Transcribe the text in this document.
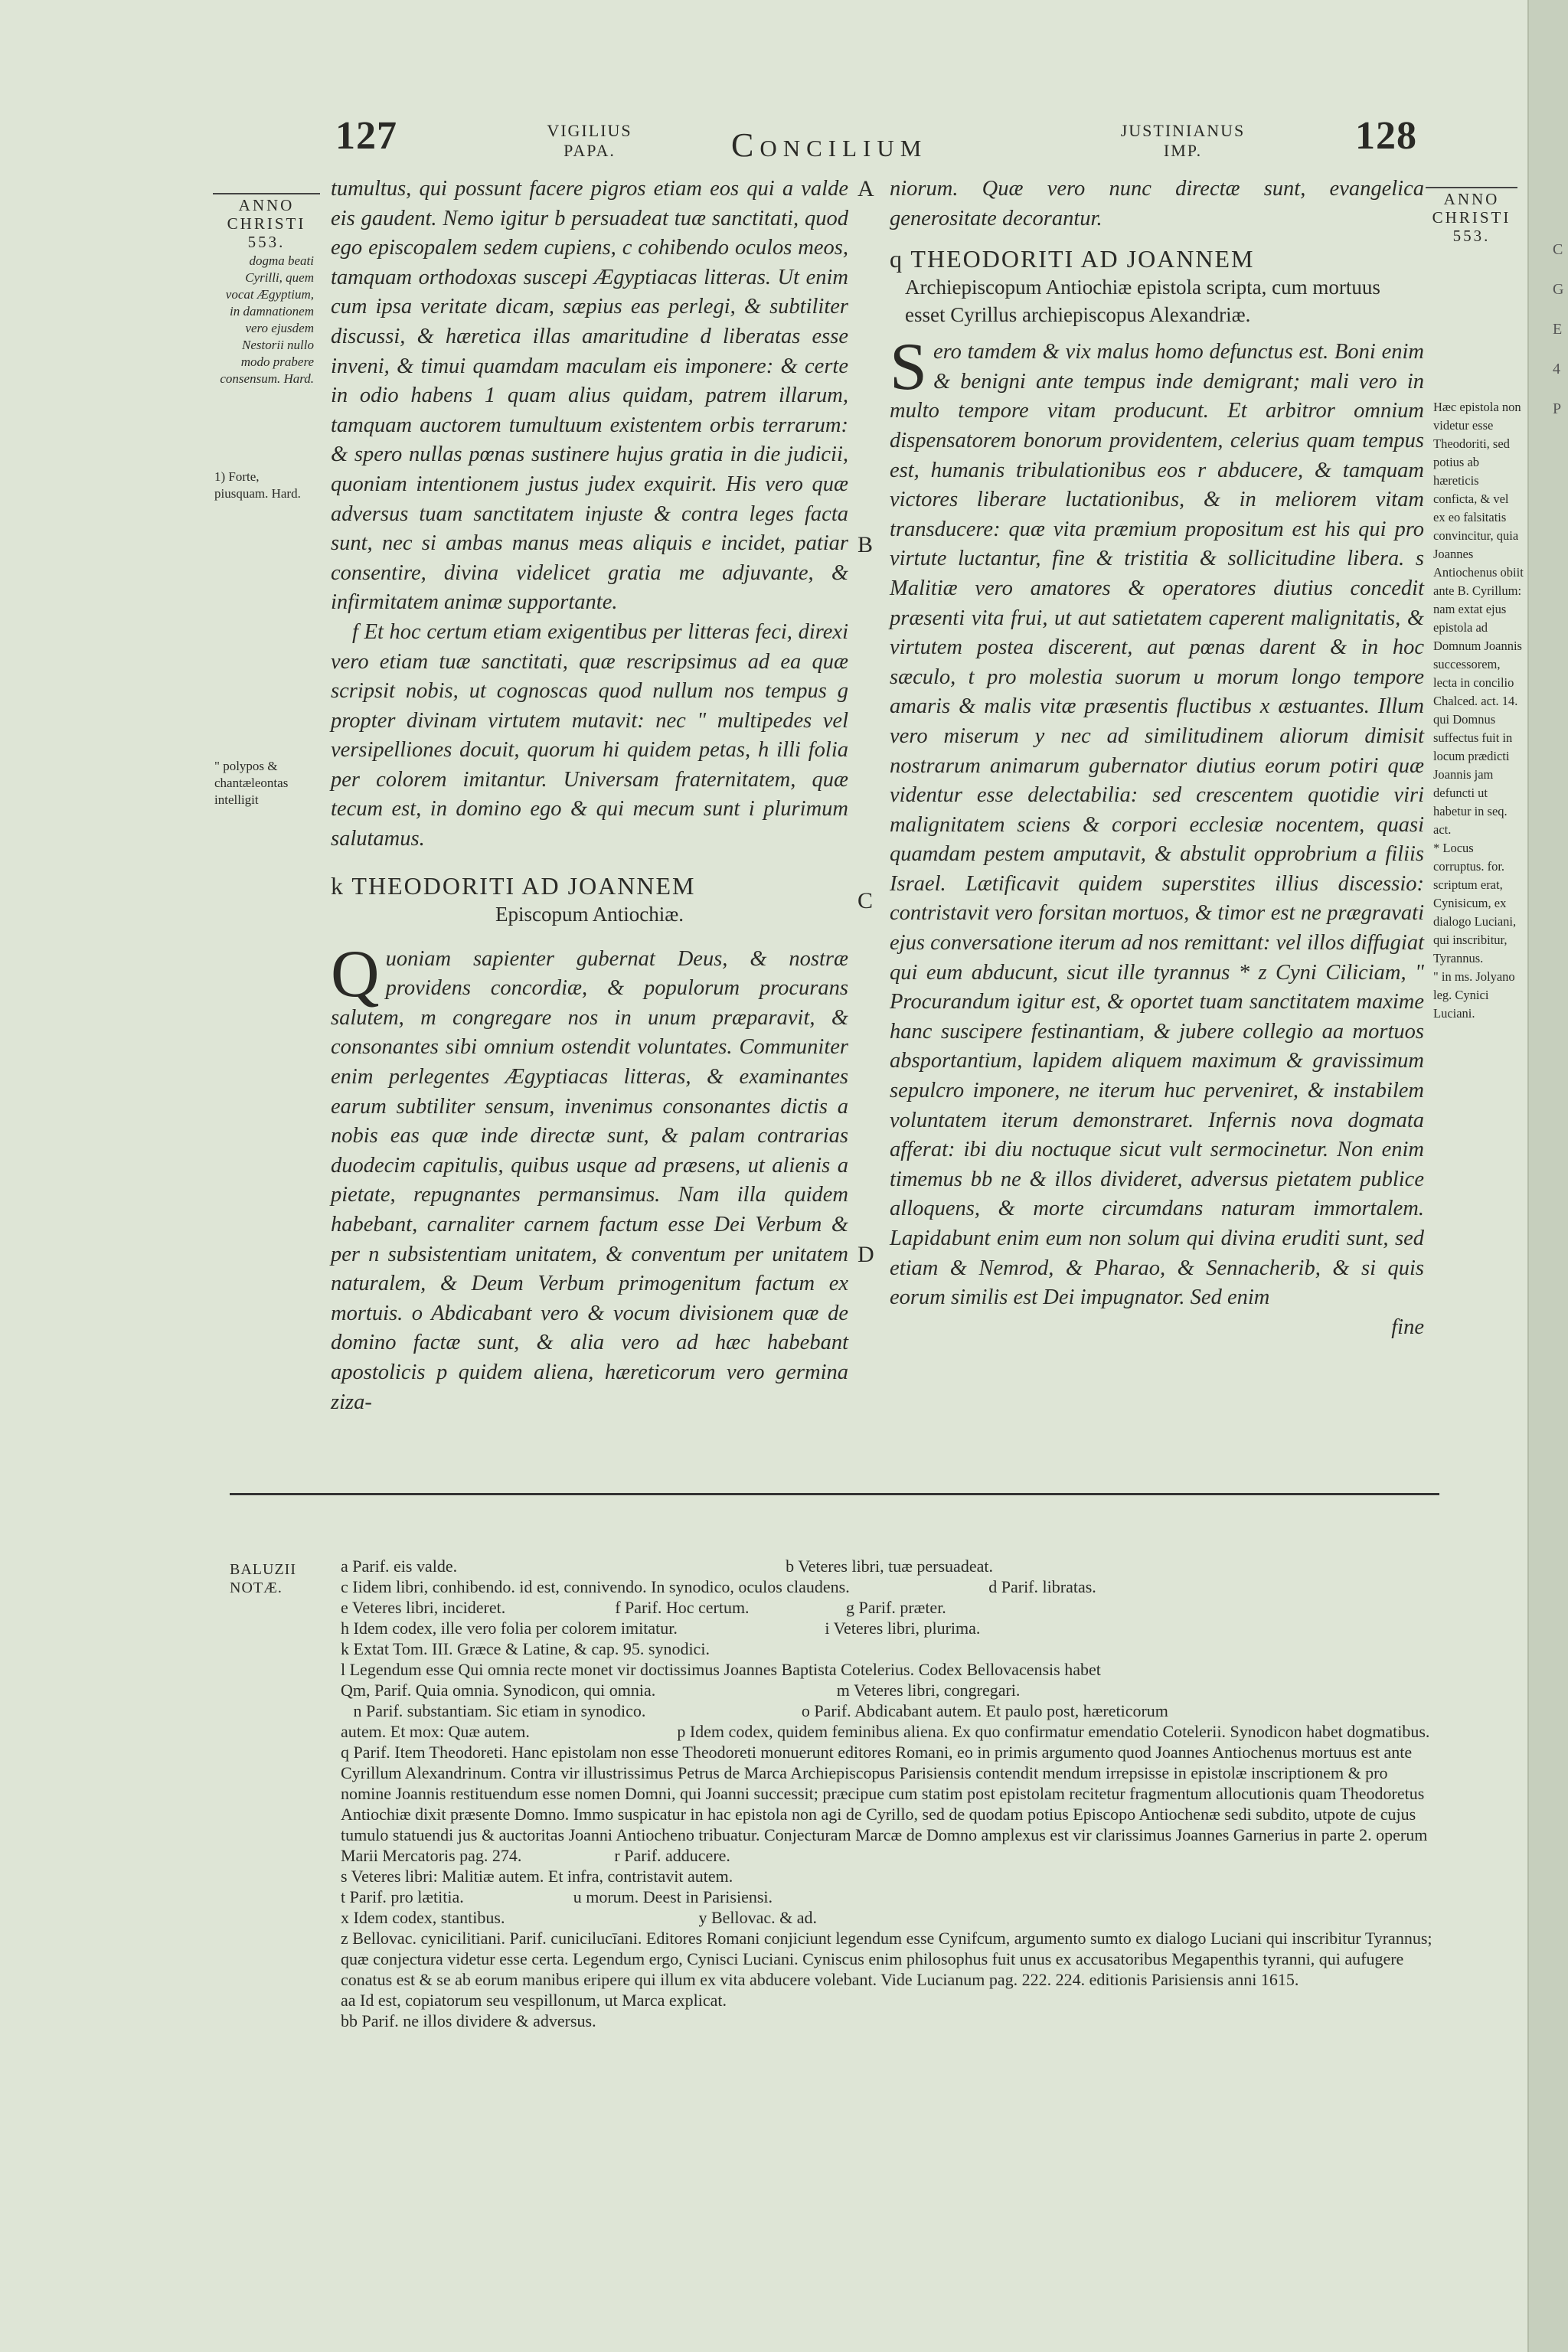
C
G
E
4
P
127	VIGILIUS
PAPA.	Concilium	JUSTINIANUS
IMP.	128
ANNO
CHRISTI
553.
dogma beati Cyrilli, quem vocat Ægyptium, in damnationem vero ejusdem Nestorii nullo modo prabere consensum. Hard.
1) Forte, piusquam. Hard.
" polypos & chantæleontas intelligit
ANNO
CHRISTI
553.
Hæc epistola non videtur esse Theodoriti, sed potius ab hæreticis conficta, & vel ex eo falsitatis convincitur, quia Joannes Antiochenus obiit ante B. Cyrillum: nam extat ejus epistola ad Domnum Joannis successorem, lecta in concilio Chalced. act. 14. qui Domnus suffectus fuit in locum prædicti Joannis jam defuncti ut habetur in seq. act.
* Locus corruptus. for. scriptum erat, Cynisicum, ex dialogo Luciani, qui inscribitur, Tyrannus.
" in ms. Jolyano leg. Cynici Luciani.
A
B
C
D

tumultus, qui possunt facere pigros etiam eos qui a valde eis gaudent. Nemo igitur b persuadeat tuæ sanctitati, quod ego episcopalem sedem cupiens, c cohibendo oculos meos, tamquam orthodoxas suscepi Ægyptiacas litteras. Ut enim cum ipsa veritate dicam, sæpius eas perlegi, & subtiliter discussi, & hæretica illas amaritudine d liberatas esse inveni, & timui quamdam maculam eis imponere: & certe in odio habens 1 quam alius quidam, patrem illarum, tamquam auctorem tumultuum existentem orbis terrarum: & spero nullas pœnas sustinere hujus gratia in die judicii, quoniam intentionem justus judex exquirit. His vero quæ adversus tuam sanctitatem injuste & contra leges facta sunt, nec si ambas manus meas aliquis e incidet, patiar consentire, divina videlicet gratia me adjuvante, & infirmitatem animæ supportante.

f Et hoc certum etiam exigentibus per litteras feci, direxi vero etiam tuæ sanctitati, quæ rescripsimus ad ea quæ scripsit nobis, ut cognoscas quod nullum nos tempus g propter divinam virtutem mutavit: nec " multipedes vel versipelliones docuit, quorum hi quidem petas, h illi folia per colorem imitantur. Universam fraternitatem, quæ tecum est, in domino ego & qui mecum sunt i plurimum salutamus.

k THEODORITI AD JOANNEM
Episcopum Antiochiæ.

Q uoniam sapienter gubernat Deus, & nostræ providens concordiæ, & populorum procurans salutem, m congregare nos in unum præparavit, & consonantes sibi omnium ostendit voluntates. Communiter enim perlegentes Ægyptiacas litteras, & examinantes earum subtiliter sensum, invenimus consonantes dictis a nobis eas quæ inde directæ sunt, & palam contrarias duodecim capitulis, quibus usque ad præsens, ut alienis a pietate, repugnantes permansimus. Nam illa quidem habebant, carnaliter carnem factum esse Dei Verbum & per n subsistentiam unitatem, & conventum per unitatem naturalem, & Deum Verbum primogenitum factum ex mortuis. o Abdicabant vero & vocum divisionem quæ de domino factæ sunt, & alia vero ad hæc habebant apostolicis p quidem aliena, hæreticorum vero germina ziza-

niorum. Quæ vero nunc directæ sunt, evangelica generositate decorantur.

q THEODORITI AD JOANNEM
Archiepiscopum Antiochiæ epistola scripta, cum mortuus esset Cyrillus archiepiscopus Alexandriæ.

S ero tamdem & vix malus homo defunctus est. Boni enim & benigni ante tempus inde demigrant; mali vero in multo tempore vitam producunt. Et arbitror omnium dispensatorem bonorum providentem, celerius quam tempus est, humanis tribulationibus eos r abducere, & tamquam victores liberare luctationibus, & in meliorem vitam transducere: quæ vita præmium propositum est his qui pro virtute luctantur, fine & tristitia & sollicitudine libera. s Malitiæ vero amatores & operatores diutius concedit præsenti vita frui, ut aut satietatem caperent malignitatis, & virtutem postea discerent, aut pœnas darent & in hoc sæculo, t pro molestia suorum u morum longo tempore amaris & malis vitæ præsentis fluctibus x æstuantes. Illum vero miserum y nec ad similitudinem aliorum dimisit nostrarum animarum gubernator diutius eorum potiri quæ videntur esse delectabilia: sed crescentem quotidie viri malignitatem sciens & corpori ecclesiæ nocentem, quasi quamdam pestem amputavit, & abstulit opprobrium a filiis Israel. Lætificavit quidem superstites illius discessio: contristavit vero forsitan mortuos, & timor est ne prægravati ejus conversatione iterum ad nos remittant: vel illos diffugiat qui eum abducunt, sicut ille tyrannus * z Cyni Ciliciam, " Procurandum igitur est, & oportet tuam sanctitatem maxime hanc suscipere festinantiam, & jubere collegio aa mortuos absportantium, lapidem aliquem maximum & gravissimum sepulcro imponere, ne iterum huc perveniret, & instabilem voluntatem iterum demonstraret. Infernis nova dogmata afferat: ibi diu noctuque sicut vult sermocinetur. Non enim timemus bb ne & illos divideret, adversus pietatem publice alloquens, & morte circumdans naturam immortalem. Lapidabunt enim eum non solum qui divina eruditi sunt, sed etiam & Nemrod, & Pharao, & Sennacherib, & si quis eorum similis est Dei impugnator. Sed enim

fine

BALUZII
NOTÆ.
a Parif. eis valde.                                                                              b Veteres libri, tuæ persuadeat.
c Iidem libri, conhibendo. id est, connivendo. In synodico, oculos claudens.                                 d Parif. libratas.
e Veteres libri, incideret.                          f Parif. Hoc certum.                       g Parif. præter.
h Idem codex, ille vero folia per colorem imitatur.                                   i Veteres libri, plurima.
k Extat Tom. III. Græce & Latine, & cap. 95. synodici.
l Legendum esse Qui omnia recte monet vir doctissimus Joannes Baptista Cotelerius. Codex Bellovacensis habet
Qm, Parif. Quia omnia. Synodicon, qui omnia.                                           m Veteres libri, congregari.
n Parif. substantiam. Sic etiam in synodico.                                     o Parif. Abdicabant autem. Et paulo post, hæreticorum
autem. Et mox: Quæ autem.                                   p Idem codex, quidem feminibus aliena. Ex quo confirmatur emendatio Cotelerii. Synodicon habet dogmatibus.
q Parif. Item Theodoreti. Hanc epistolam non esse Theodoreti monuerunt editores Romani, eo in primis argumento quod Joannes Antiochenus mortuus est ante Cyrillum Alexandrinum. Contra vir illustrissimus Petrus de Marca Archiepiscopus Parisiensis contendit mendum irrepsisse in epistolæ inscriptionem & pro nomine Joannis restituendum esse nomen Domni, qui Joanni successit; præcipue cum statim post epistolam recitetur fragmentum allocutionis quam Theodoretus Antiochiæ dixit præsente Domno. Immo suspicatur in hac epistola non agi de Cyrillo, sed de quodam potius Episcopo Antiochenæ sedi subdito, utpote de cujus tumulo statuendi jus & auctoritas Joanni Antiocheno tribuatur. Conjecturam Marcæ de Domno amplexus est vir clarissimus Joannes Garnerius in parte 2. operum Marii Mercatoris pag. 274.                      r Parif. adducere.
s Veteres libri: Malitiæ autem. Et infra, contristavit autem.
t Parif. pro lætitia.                          u morum. Deest in Parisiensi.
x Idem codex, stantibus.                                              y Bellovac. & ad.
z Bellovac. cynicilitiani. Parif. cunicilucīani. Editores Romani conjiciunt legendum esse Cynifcum, argumento sumto ex dialogo Luciani qui inscribitur Tyrannus; quæ conjectura videtur esse certa. Legendum ergo, Cynisci Luciani. Cyniscus enim philosophus fuit unus ex accusatoribus Megapenthis tyranni, qui aufugere conatus est & se ab eorum manibus eripere qui illum ex vita abducere volebant. Vide Lucianum pag. 222. 224. editionis Parisiensis anni 1615.
aa Id est, copiatorum seu vespillonum, ut Marca explicat.
bb Parif. ne illos dividere & adversus.
